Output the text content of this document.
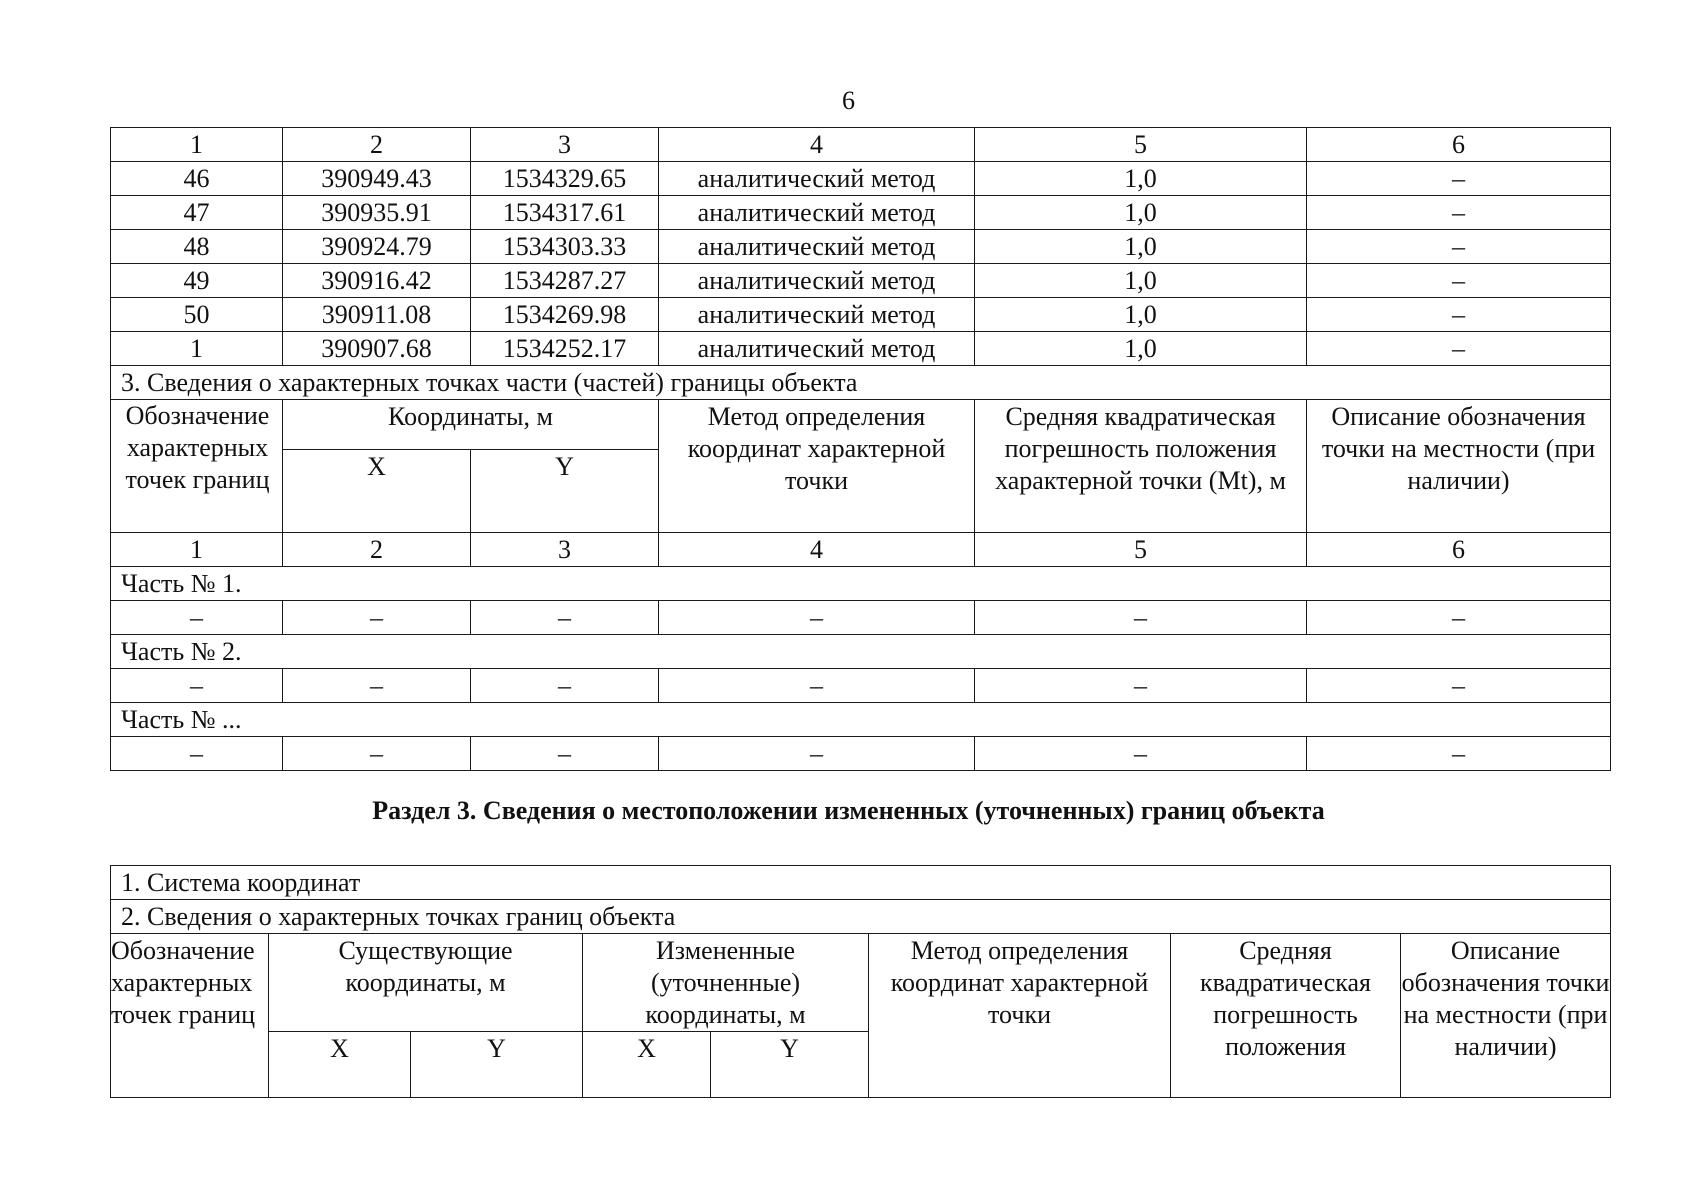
6
1	2	3	4	5	6
46	390949.43	1534329.65	аналитический метод	1,0	–
47	390935.91	1534317.61	аналитический метод	1,0	–
48	390924.79	1534303.33	аналитический метод	1,0	–
49	390916.42	1534287.27	аналитический метод	1,0	–
50	390911.08	1534269.98	аналитический метод	1,0	–
1	390907.68	1534252.17	аналитический метод	1,0	–
3. Сведения о характерных точках части (частей) границы объекта					
Обозначение характерных точек границ	Координаты, м		Метод определения координат характерной точки	Средняя квадратическая погрешность положения характерной точки (Mt), м	Описание обозначения точки на местности (при наличии)
	X	Y			
1	2	3	4	5	6
Часть № 1.					
–	–	–	–	–	–
Часть № 2.					
–	–	–	–	–	–
Часть № ...					
–	–	–	–	–	–
Раздел 3. Сведения о местоположении измененных (уточненных) границ объекта
1. Система координат							
2. Сведения о характерных точках границ объекта							
Обозначение характерных точек границ	Существующие координаты, м		Измененные (уточненные) координаты, м		Метод определения координат характерной точки	Средняя квадратическая погрешность положения	Описание обозначения точки на местности (при наличии)
	X	Y	X	Y			
